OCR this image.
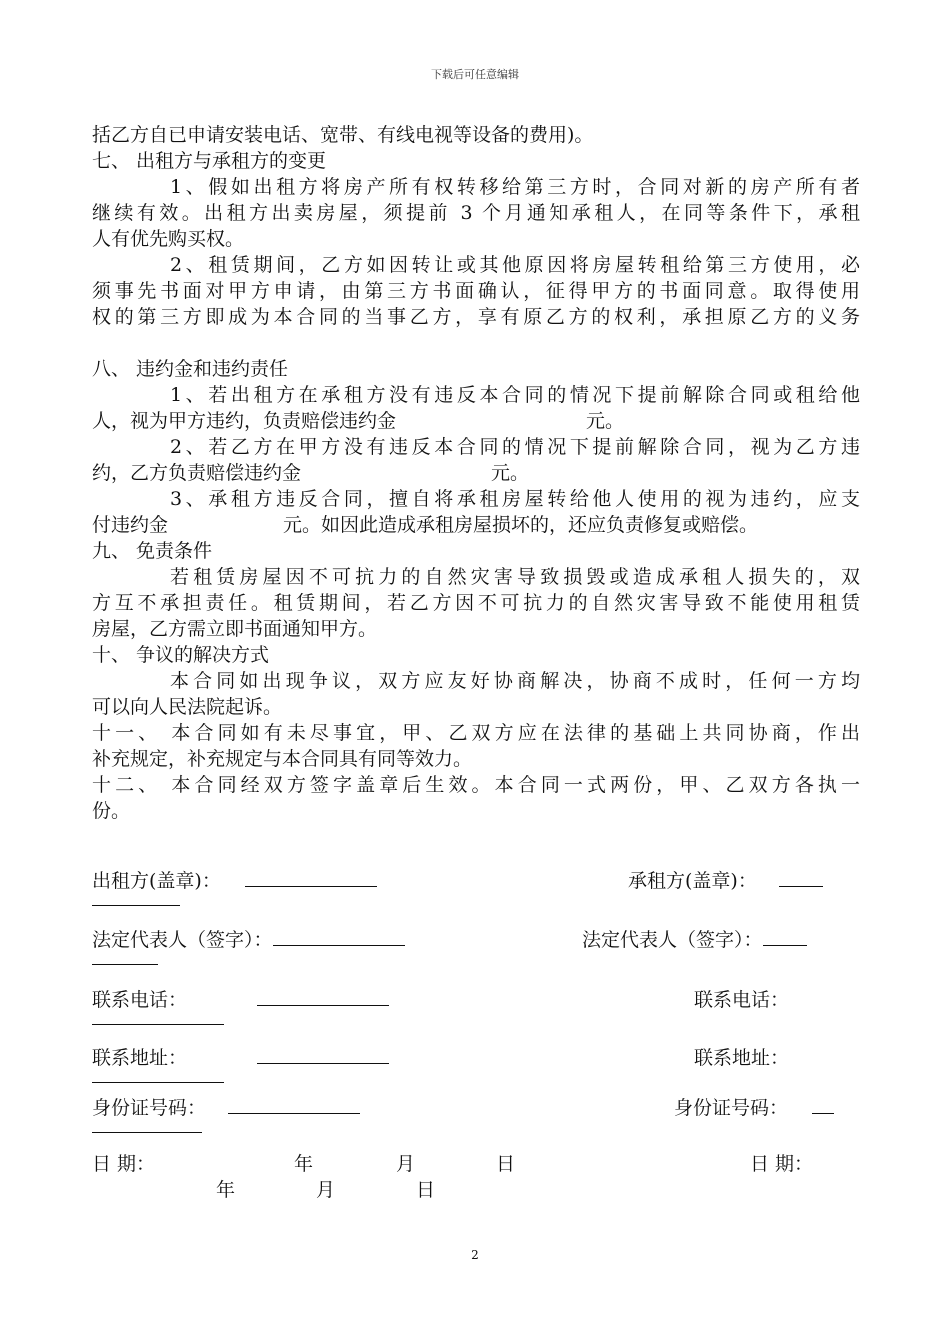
下载后可任意编辑
括乙方自已申请安装电话、宽带、有线电视等设备的费用)。
七、 出租方与承租方的变更
1、假如出租方将房产所有权转移给第三方时，合同对新的房产所有者
继续有效。出租方出卖房屋，须提前 3 个月通知承租人，在同等条件下，承租
人有优先购买权。
2、租赁期间，乙方如因转让或其他原因将房屋转租给第三方使用，必
须事先书面对甲方申请，由第三方书面确认，征得甲方的书面同意。取得使用
权的第三方即成为本合同的当事乙方，享有原乙方的权利，承担原乙方的义务
八、 违约金和违约责任
1、若出租方在承租方没有违反本合同的情况下提前解除合同或租给他
人，视为甲方违约，负责赔偿违约金	元。
2、若乙方在甲方没有违反本合同的情况下提前解除合同，视为乙方违
约，乙方负责赔偿违约金	元。
3、承租方违反合同，擅自将承租房屋转给他人使用的视为违约，应支
付违约金	元。如因此造成承租房屋损坏的，还应负责修复或赔偿。
九、 免责条件
若租赁房屋因不可抗力的自然灾害导致损毁或造成承租人损失的，双
方互不承担责任。租赁期间，若乙方因不可抗力的自然灾害导致不能使用租赁
房屋，乙方需立即书面通知甲方。
十、 争议的解决方式
本合同如出现争议，双方应友好协商解决，协商不成时，任何一方均
可以向人民法院起诉。
十一、 本合同如有未尽事宜，甲、乙双方应在法律的基础上共同协商，作出
补充规定，补充规定与本合同具有同等效力。
十二、 本合同经双方签字盖章后生效。本合同一式两份，甲、乙双方各执一
份。
出租方(盖章)：	承租方(盖章)：
法定代表人（签字）：	法定代表人（签字）：
联系电话：	联系电话：
联系地址：	联系地址：
身份证号码：	身份证号码：
日 期：	年	月	日	日 期：
年	月	日
2
